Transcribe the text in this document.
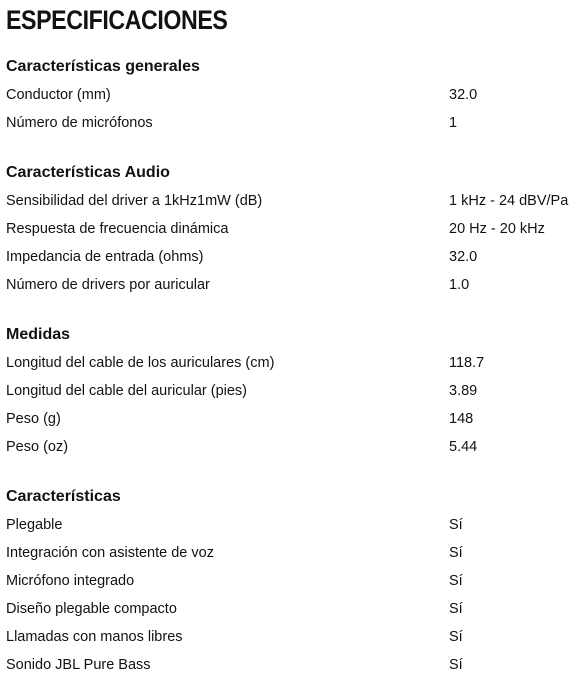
ESPECIFICACIONES
Características generales
Conductor (mm)	32.0
Número de micrófonos	1
Características Audio
Sensibilidad del driver a 1kHz1mW (dB)	1 kHz - 24 dBV/Pa
Respuesta de frecuencia dinámica	20 Hz - 20 kHz
Impedancia de entrada (ohms)	32.0
Número de drivers por auricular	1.0
Medidas
Longitud del cable de los auriculares (cm)	118.7
Longitud del cable del auricular (pies)	3.89
Peso (g)	148
Peso (oz)	5.44
Características
Plegable	Sí
Integración con asistente de voz	Sí
Micrófono integrado	Sí
Diseño plegable compacto	Sí
Llamadas con manos libres	Sí
Sonido JBL Pure Bass	Sí
